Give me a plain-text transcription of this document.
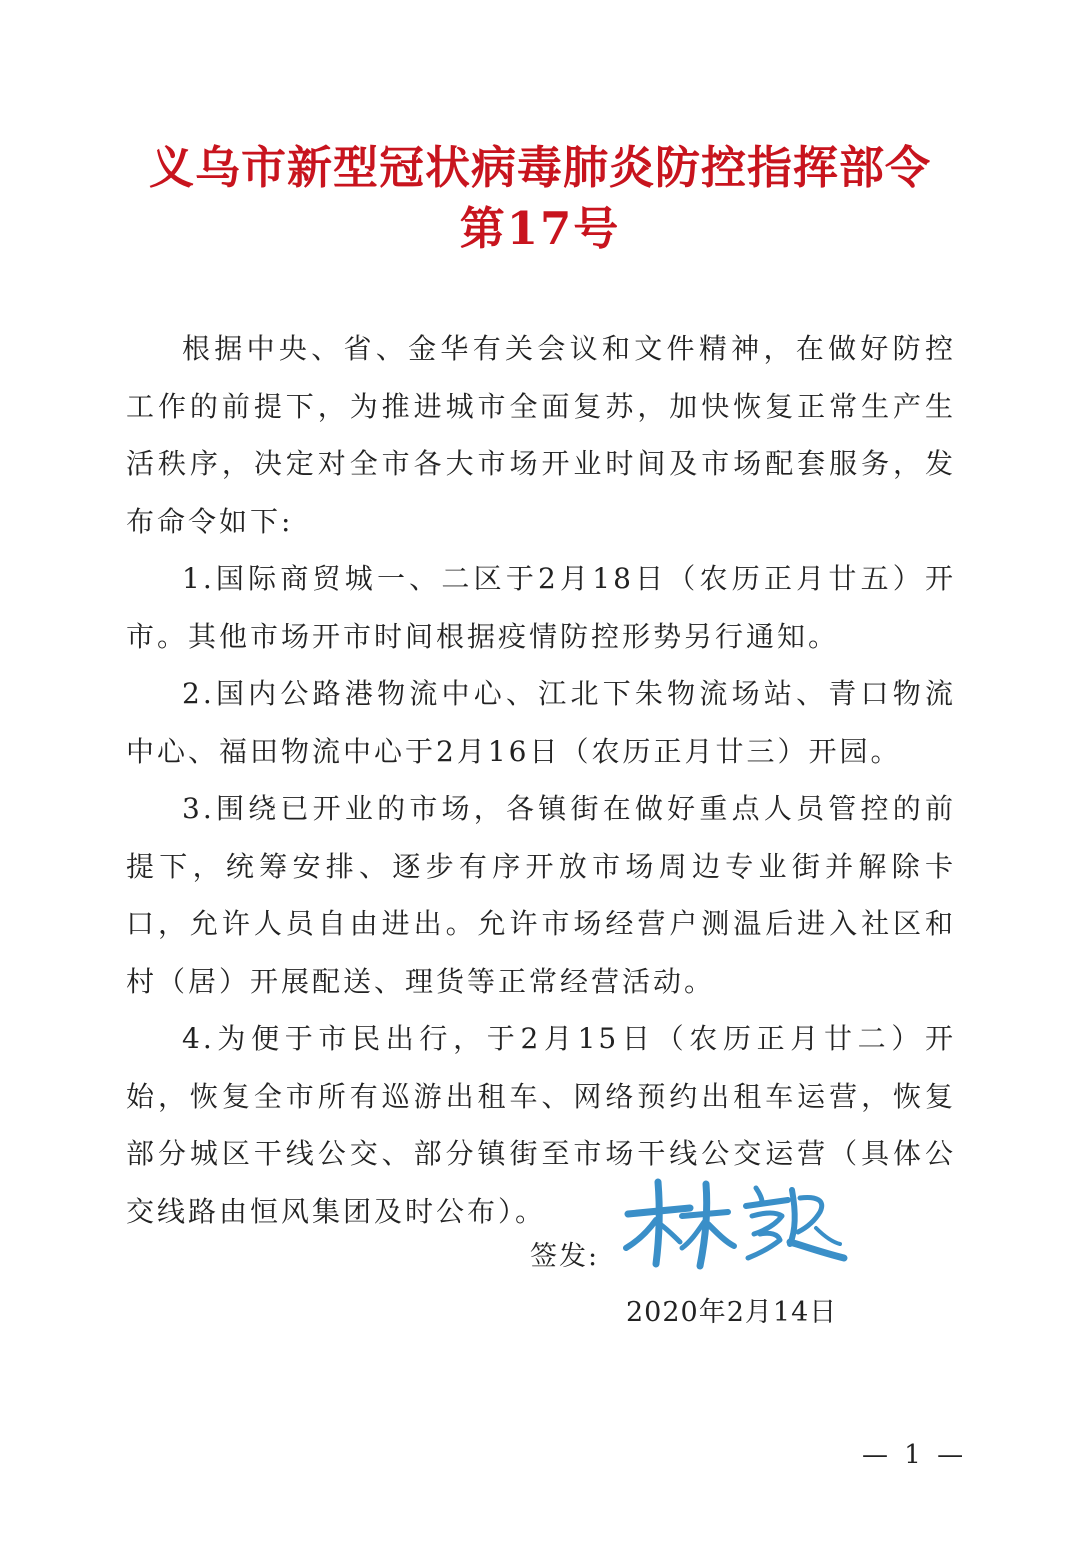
义乌市新型冠状病毒肺炎防控指挥部令
第17号

根据中央、省、金华有关会议和文件精神，在做好防控工作的前提下，为推进城市全面复苏，加快恢复正常生产生活秩序，决定对全市各大市场开业时间及市场配套服务，发布命令如下:

1.国际商贸城一、二区于2月18日（农历正月廿五）开市。其他市场开市时间根据疫情防控形势另行通知。

2.国内公路港物流中心、江北下朱物流场站、青口物流中心、福田物流中心于2月16日（农历正月廿三）开园。

3.围绕已开业的市场，各镇街在做好重点人员管控的前提下，统筹安排、逐步有序开放市场周边专业街并解除卡口，允许人员自由进出。允许市场经营户测温后进入社区和村（居）开展配送、理货等正常经营活动。

4.为便于市民出行，于2月15日（农历正月廿二）开始，恢复全市所有巡游出租车、网络预约出租车运营，恢复部分城区干线公交、部分镇街至市场干线公交运营（具体公交线路由恒风集团及时公布）。

签发:
2020年2月14日
— 1 —
